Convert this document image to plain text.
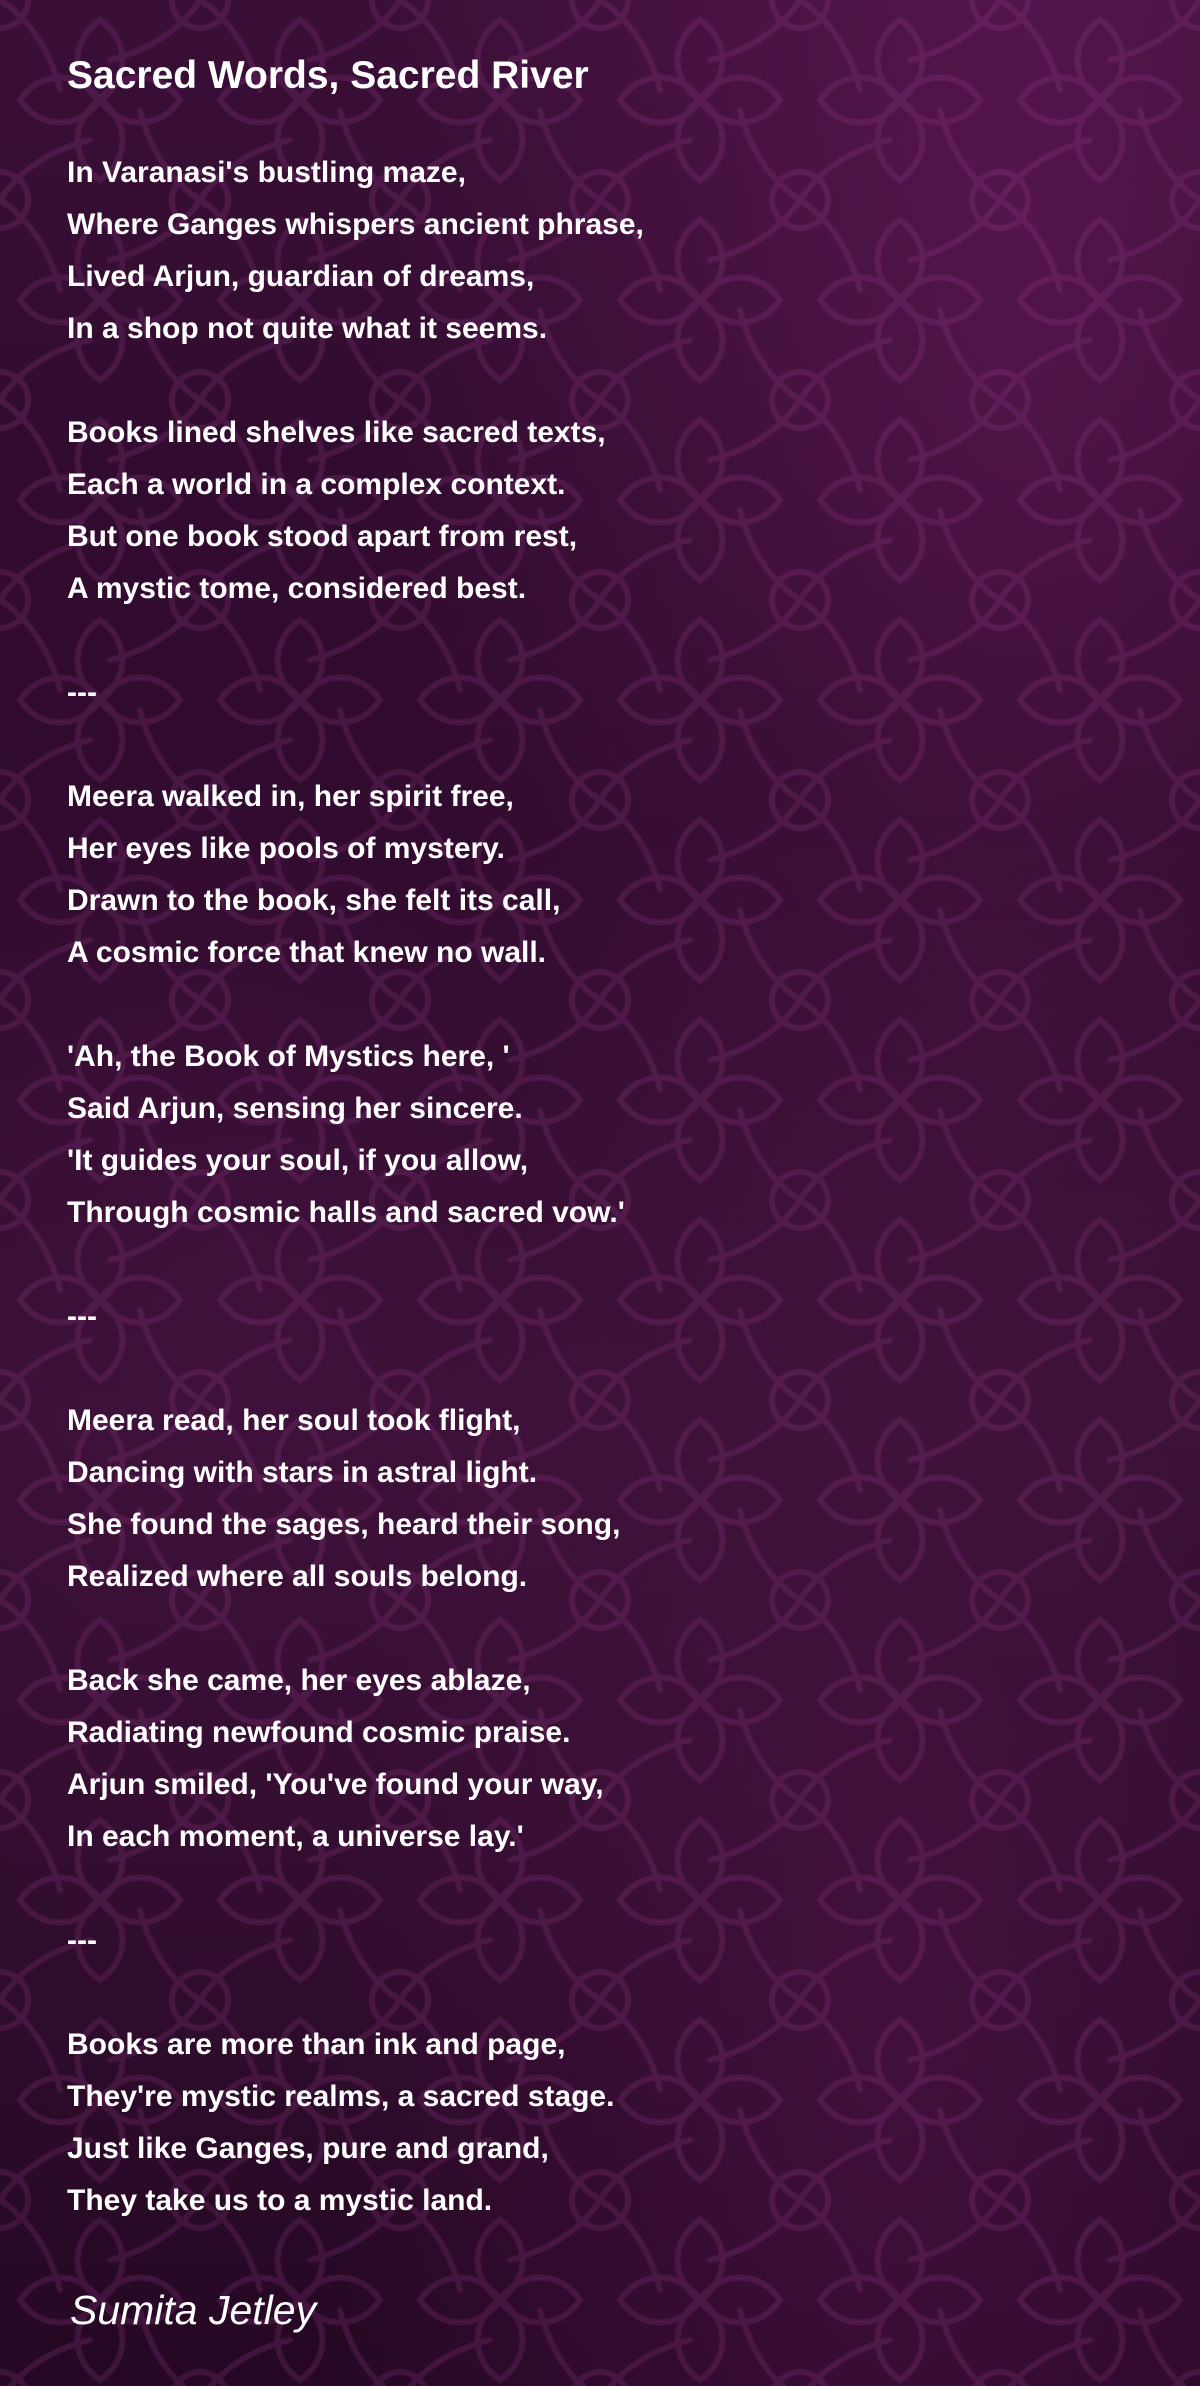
Sacred Words, Sacred River
In Varanasi's bustling maze,
Where Ganges whispers ancient phrase,
Lived Arjun, guardian of dreams,
In a shop not quite what it seems.
Books lined shelves like sacred texts,
Each a world in a complex context.
But one book stood apart from rest,
A mystic tome, considered best.
---
Meera walked in, her spirit free,
Her eyes like pools of mystery.
Drawn to the book, she felt its call,
A cosmic force that knew no wall.
'Ah, the Book of Mystics here, '
Said Arjun, sensing her sincere.
'It guides your soul, if you allow,
Through cosmic halls and sacred vow.'
---
Meera read, her soul took flight,
Dancing with stars in astral light.
She found the sages, heard their song,
Realized where all souls belong.
Back she came, her eyes ablaze,
Radiating newfound cosmic praise.
Arjun smiled, 'You've found your way,
In each moment, a universe lay.'
---
Books are more than ink and page,
They're mystic realms, a sacred stage.
Just like Ganges, pure and grand,
They take us to a mystic land.

Sumita Jetley
